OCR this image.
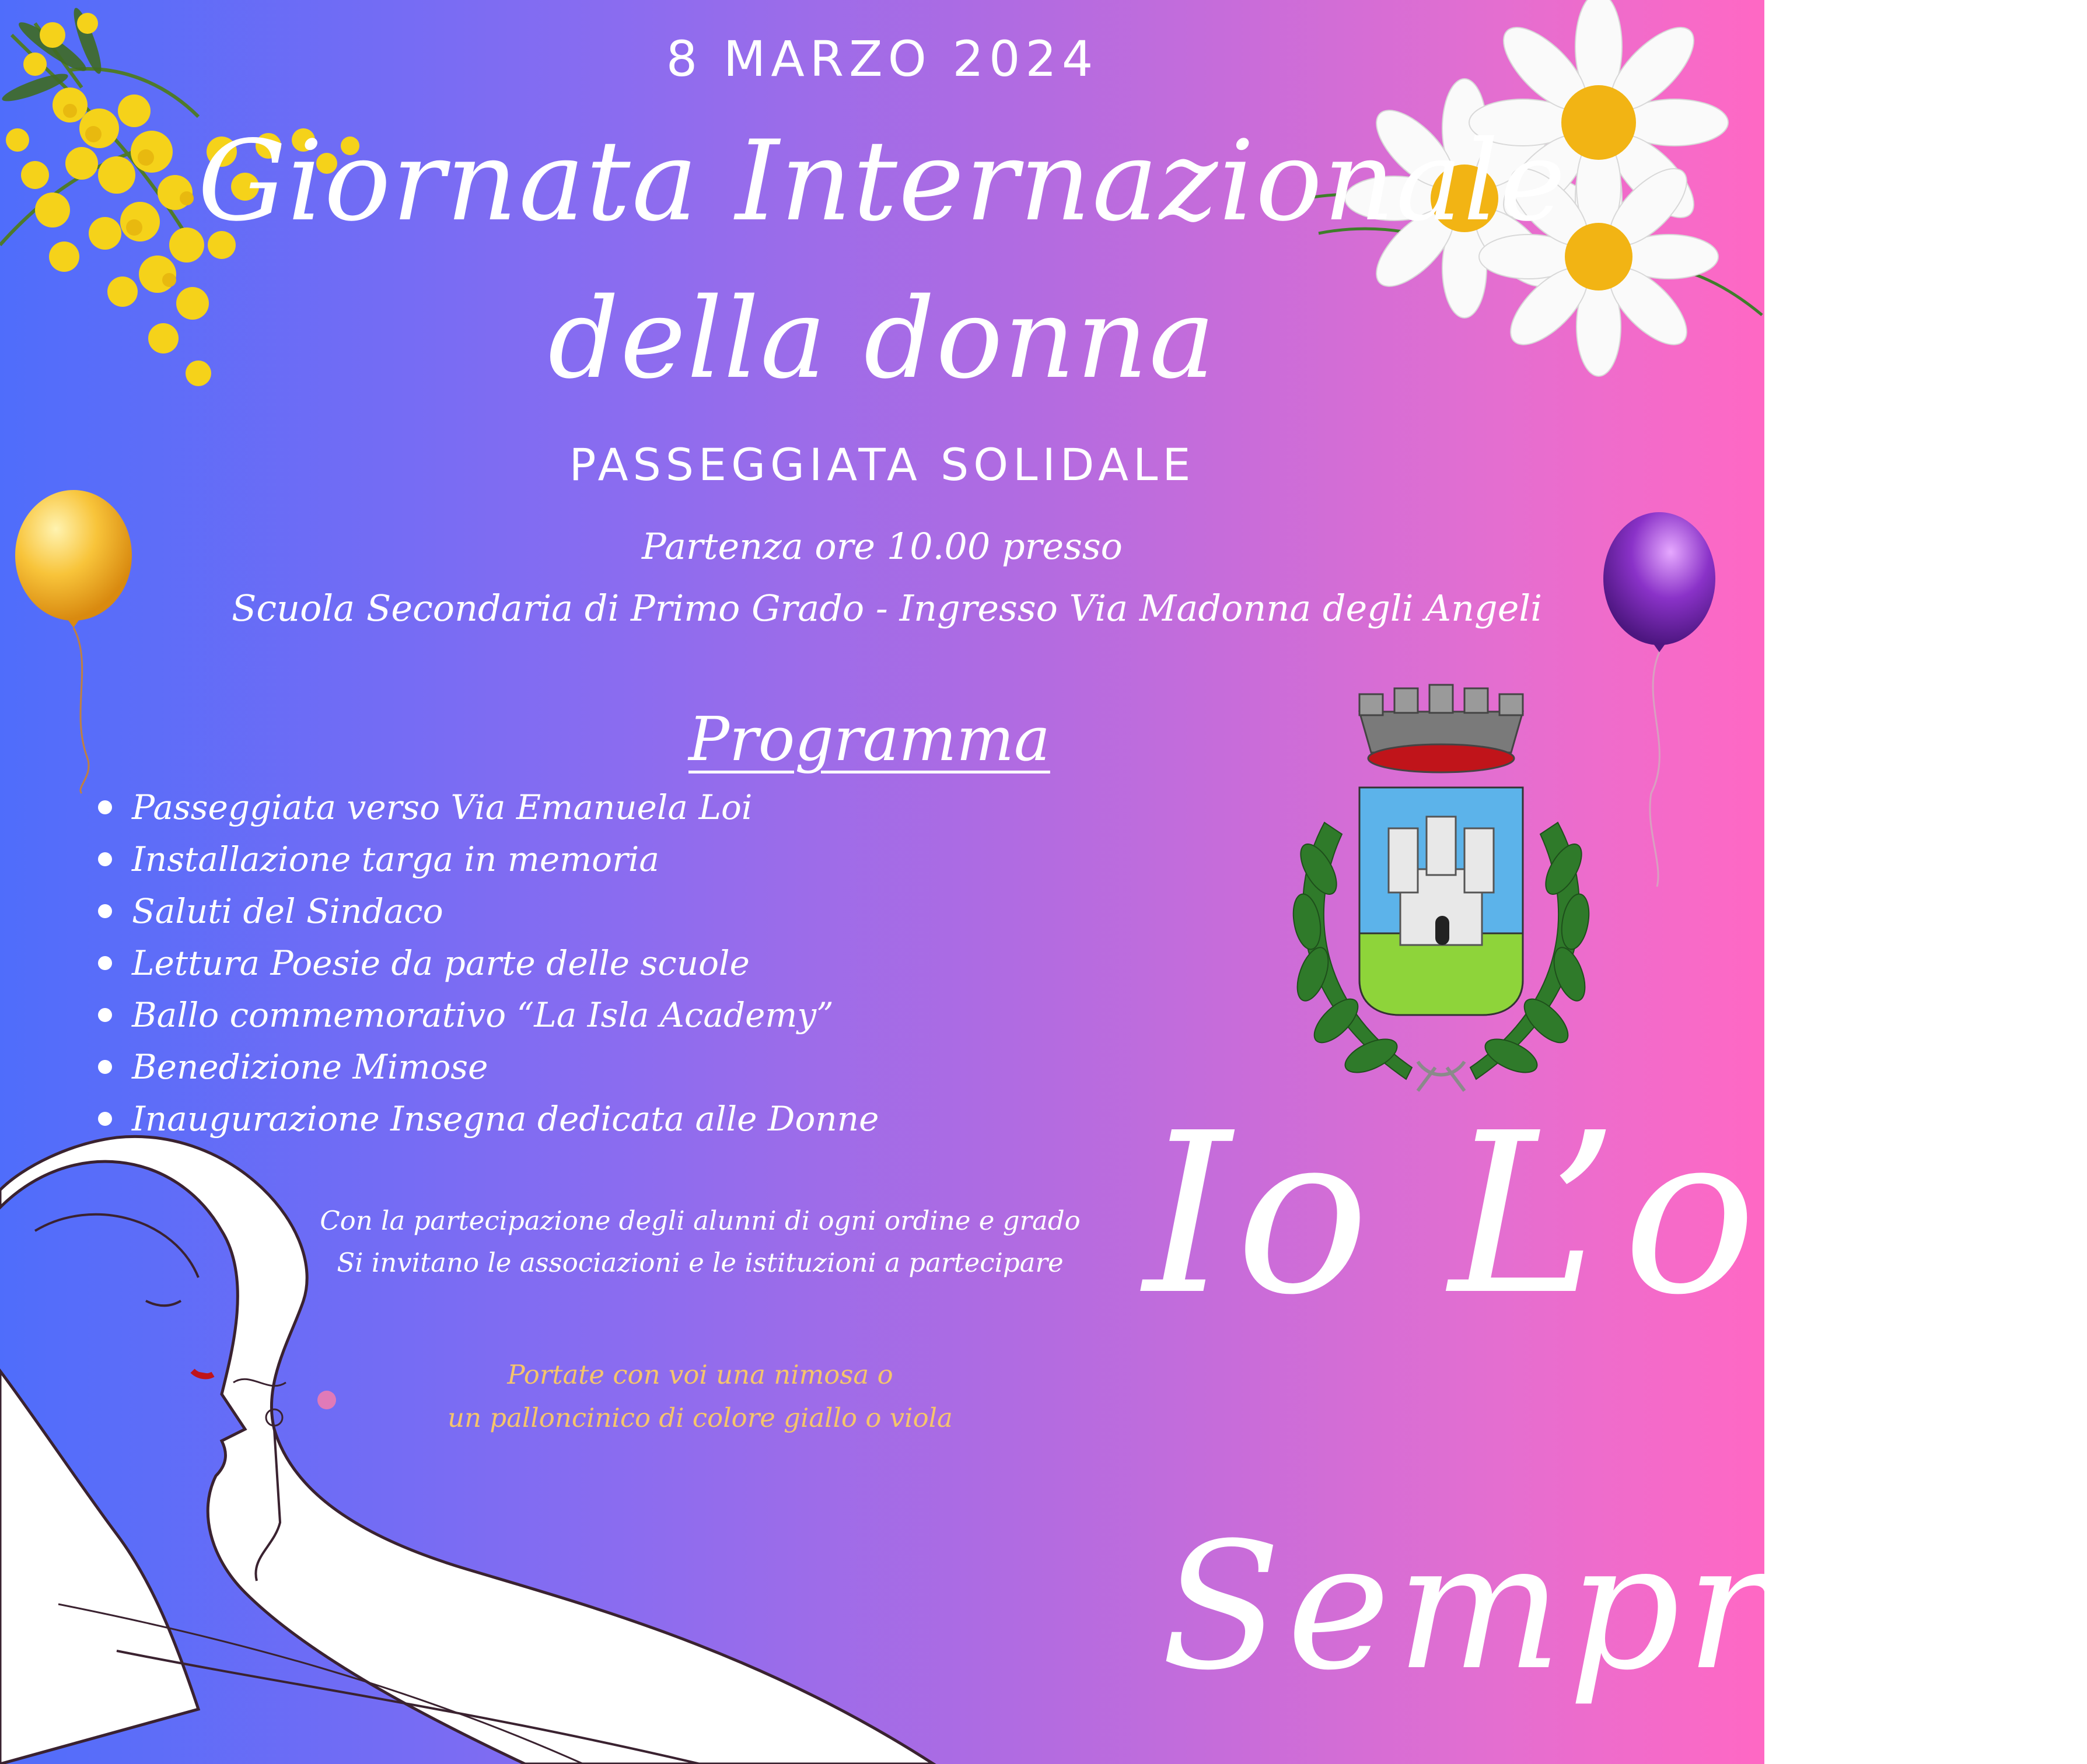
8 MARZO 2024
Giornata Internazionale
della donna
PASSEGGIATA SOLIDALE
Partenza ore 10.00 presso
Scuola Secondaria di Primo Grado - Ingresso Via Madonna degli Angeli
Programma
Passeggiata verso Via Emanuela Loi
Installazione targa in memoria
Saluti del Sindaco
Lettura Poesie da parte delle scuole
Ballo commemorativo “La Isla Academy”
Benedizione Mimose
Inaugurazione Insegna dedicata alle Donne
Con la partecipazione degli alunni di ogni ordine e grado
Si invitano le associazioni e le istituzioni a partecipare
Portate con voi una nimosa o
un palloncinico di colore giallo o viola
Io L’otto
Sempre
